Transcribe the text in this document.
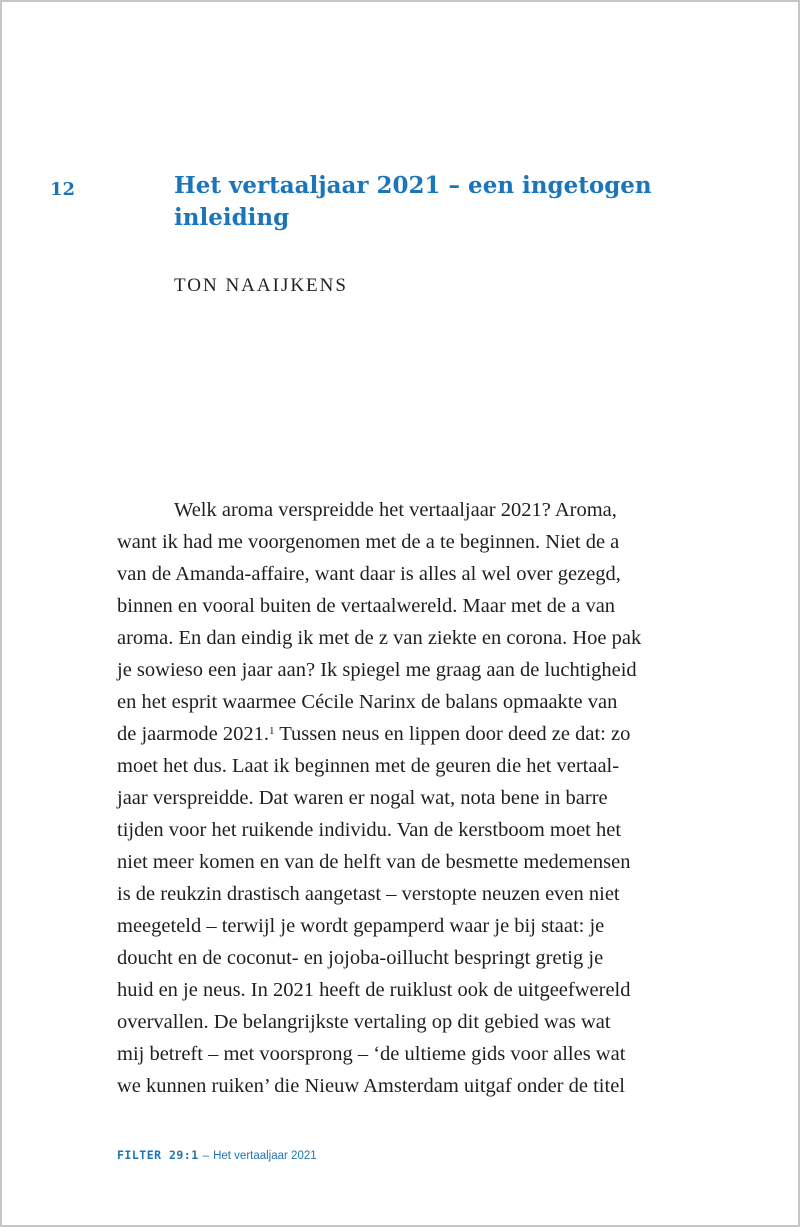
12	Het vertaaljaar 2021 – een ingetogen
inleiding
TON NAAIJKENS
Welk aroma verspreidde het vertaaljaar 2021? Aroma,
want ik had me voorgenomen met de a te beginnen. Niet de a
van de Amanda-affaire, want daar is alles al wel over gezegd,
binnen en vooral buiten de vertaalwereld. Maar met de a van
aroma. En dan eindig ik met de z van ziekte en corona. Hoe pak
je sowieso een jaar aan? Ik spiegel me graag aan de luchtigheid
en het esprit waarmee Cécile Narinx de balans opmaakte van
de jaarmode 2021.$^1$ Tussen neus en lippen door deed ze dat: zo
moet het dus. Laat ik beginnen met de geuren die het vertaal-
jaar verspreidde. Dat waren er nogal wat, nota bene in barre
tijden voor het ruikende individu. Van de kerstboom moet het
niet meer komen en van de helft van de besmette medemensen
is de reukzin drastisch aangetast – verstopte neuzen even niet
meegeteld – terwijl je wordt gepamperd waar je bij staat: je
doucht en de coconut- en jojoba-oillucht bespringt gretig je
huid en je neus. In 2021 heeft de ruiklust ook de uitgeefwereld
overvallen. De belangrijkste vertaling op dit gebied was wat
mij betreft – met voorsprong – ‘de ultieme gids voor alles wat
we kunnen ruiken’ die Nieuw Amsterdam uitgaf onder de titel
FILTER 29:1 – Het vertaaljaar 2021
